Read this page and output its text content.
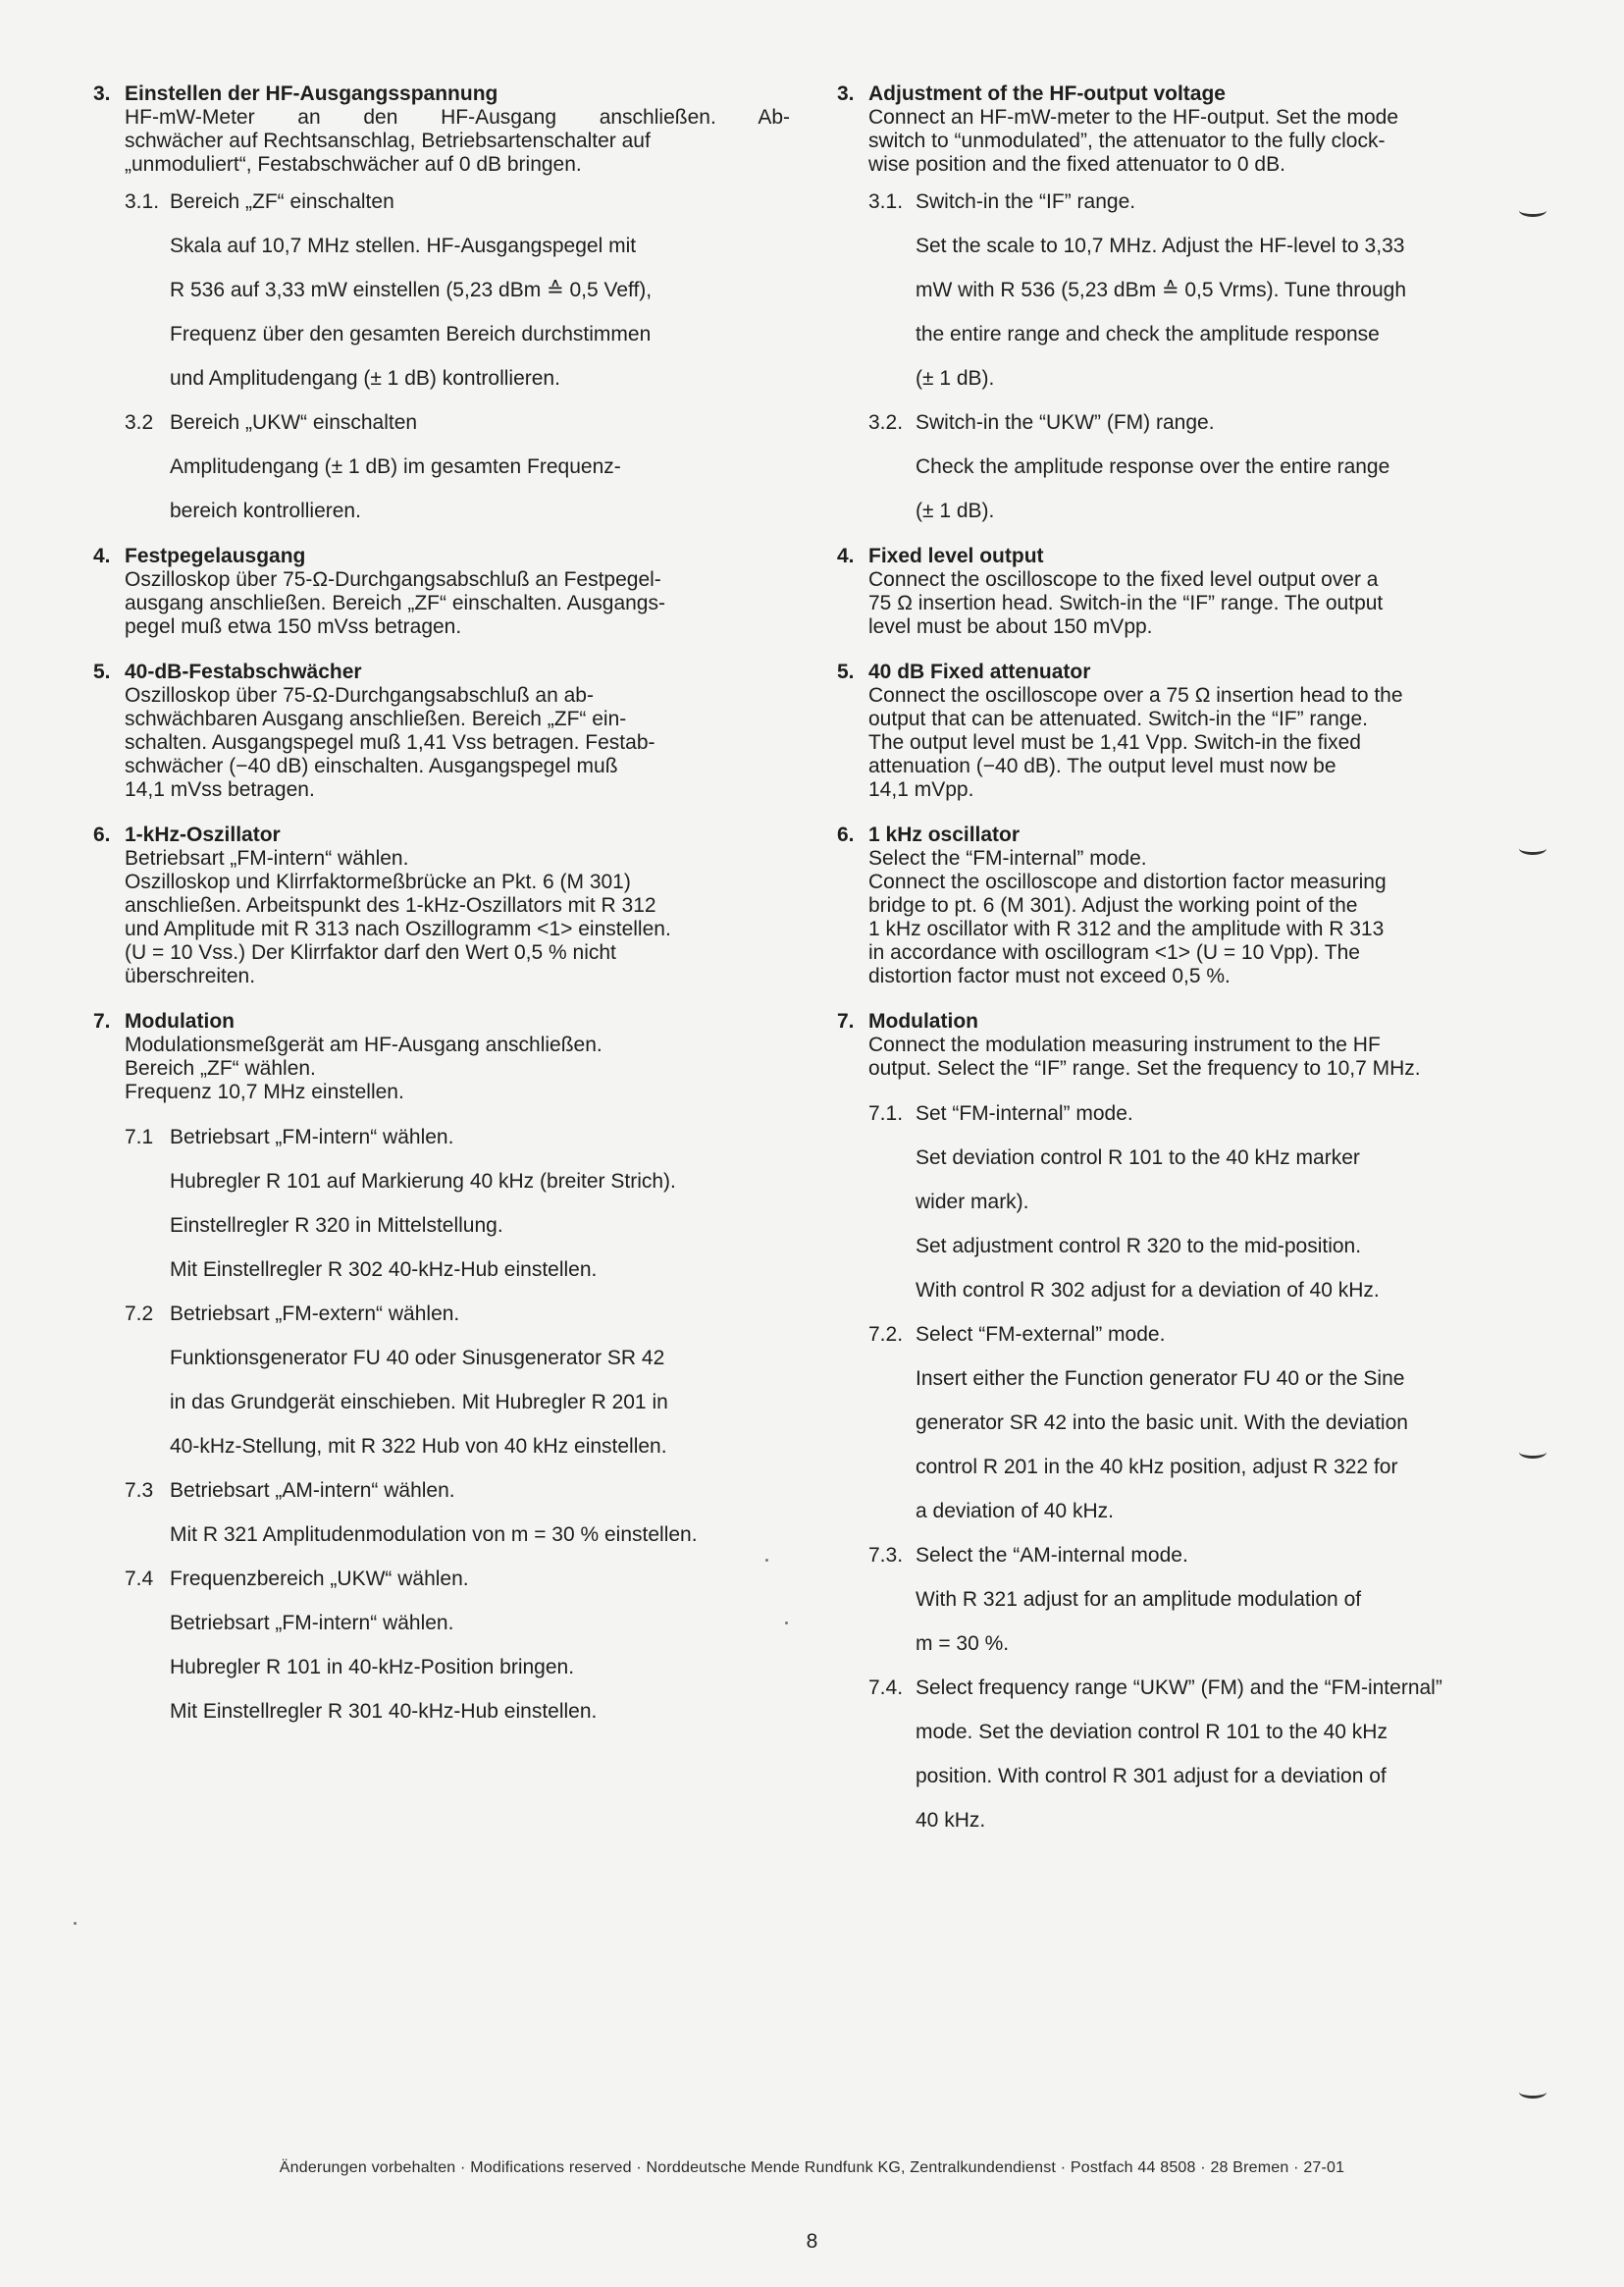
3. Einstellen der HF-Ausgangsspannung

HF-mW-Meter an den HF-Ausgang anschließen. Ab-

schwächer auf Rechtsanschlag, Betriebsartenschalter auf

„unmoduliert“, Festabschwächer auf 0 dB bringen.

3.1. Bereich „ZF“ einschalten

Skala auf 10,7 MHz stellen. HF-Ausgangspegel mit

R 536 auf 3,33 mW einstellen (5,23 dBm ≙ 0,5 Veff),

Frequenz über den gesamten Bereich durchstimmen

und Amplitudengang (± 1 dB) kontrollieren.

3.2 Bereich „UKW“ einschalten

Amplitudengang (± 1 dB) im gesamten Frequenz-

bereich kontrollieren.

4. Festpegelausgang

Oszilloskop über 75-Ω-Durchgangsabschluß an Festpegel-

ausgang anschließen. Bereich „ZF“ einschalten. Ausgangs-

pegel muß etwa 150 mVss betragen.

5. 40-dB-Festabschwächer

Oszilloskop über 75-Ω-Durchgangsabschluß an ab-

schwächbaren Ausgang anschließen. Bereich „ZF“ ein-

schalten. Ausgangspegel muß 1,41 Vss betragen. Festab-

schwächer (−40 dB) einschalten. Ausgangspegel muß

14,1 mVss betragen.

6. 1-kHz-Oszillator

Betriebsart „FM-intern“ wählen.

Oszilloskop und Klirrfaktormeßbrücke an Pkt. 6 (M 301)

anschließen. Arbeitspunkt des 1-kHz-Oszillators mit R 312

und Amplitude mit R 313 nach Oszillogramm <1> einstellen.

(U = 10 Vss.) Der Klirrfaktor darf den Wert 0,5 % nicht

überschreiten.

7. Modulation

Modulationsmeßgerät am HF-Ausgang anschließen.

Bereich „ZF“ wählen.

Frequenz 10,7 MHz einstellen.

7.1 Betriebsart „FM-intern“ wählen.

Hubregler R 101 auf Markierung 40 kHz (breiter Strich).

Einstellregler R 320 in Mittelstellung.

Mit Einstellregler R 302 40-kHz-Hub einstellen.

7.2 Betriebsart „FM-extern“ wählen.

Funktionsgenerator FU 40 oder Sinusgenerator SR 42

in das Grundgerät einschieben. Mit Hubregler R 201 in

40-kHz-Stellung, mit R 322 Hub von 40 kHz einstellen.

7.3 Betriebsart „AM-intern“ wählen.

Mit R 321 Amplitudenmodulation von m = 30 % einstellen.

7.4 Frequenzbereich „UKW“ wählen.

Betriebsart „FM-intern“ wählen.

Hubregler R 101 in 40-kHz-Position bringen.

Mit Einstellregler R 301 40-kHz-Hub einstellen.

3. Adjustment of the HF-output voltage

Connect an HF-mW-meter to the HF-output. Set the mode

switch to “unmodulated”, the attenuator to the fully clock-

wise position and the fixed attenuator to 0 dB.

3.1. Switch-in the “IF” range.

Set the scale to 10,7 MHz. Adjust the HF-level to 3,33

mW with R 536 (5,23 dBm ≙ 0,5 Vrms). Tune through

the entire range and check the amplitude response

(± 1 dB).

3.2. Switch-in the “UKW” (FM) range.

Check the amplitude response over the entire range

(± 1 dB).

4. Fixed level output

Connect the oscilloscope to the fixed level output over a

75 Ω insertion head. Switch-in the “IF” range. The output

level must be about 150 mVpp.

5. 40 dB Fixed attenuator

Connect the oscilloscope over a 75 Ω insertion head to the

output that can be attenuated. Switch-in the “IF” range.

The output level must be 1,41 Vpp. Switch-in the fixed

attenuation (−40 dB). The output level must now be

14,1 mVpp.

6. 1 kHz oscillator

Select the “FM-internal” mode.

Connect the oscilloscope and distortion factor measuring

bridge to pt. 6 (M 301). Adjust the working point of the

1 kHz oscillator with R 312 and the amplitude with R 313

in accordance with oscillogram <1> (U = 10 Vpp). The

distortion factor must not exceed 0,5 %.

7. Modulation

Connect the modulation measuring instrument to the HF

output. Select the “IF” range. Set the frequency to 10,7 MHz.

7.1. Set “FM-internal” mode.

Set deviation control R 101 to the 40 kHz marker

wider mark).

Set adjustment control R 320 to the mid-position.

With control R 302 adjust for a deviation of 40 kHz.

7.2. Select “FM-external” mode.

Insert either the Function generator FU 40 or the Sine

generator SR 42 into the basic unit. With the deviation

control R 201 in the 40 kHz position, adjust R 322 for

a deviation of 40 kHz.

7.3. Select the “AM-internal mode.

With R 321 adjust for an amplitude modulation of

m = 30 %.

7.4. Select frequency range “UKW” (FM) and the “FM-internal”

mode. Set the deviation control R 101 to the 40 kHz

position. With control R 301 adjust for a deviation of

40 kHz.

Änderungen vorbehalten · Modifications reserved · Norddeutsche Mende Rundfunk KG, Zentralkundendienst · Postfach 44 8508 · 28 Bremen · 27-01
8
